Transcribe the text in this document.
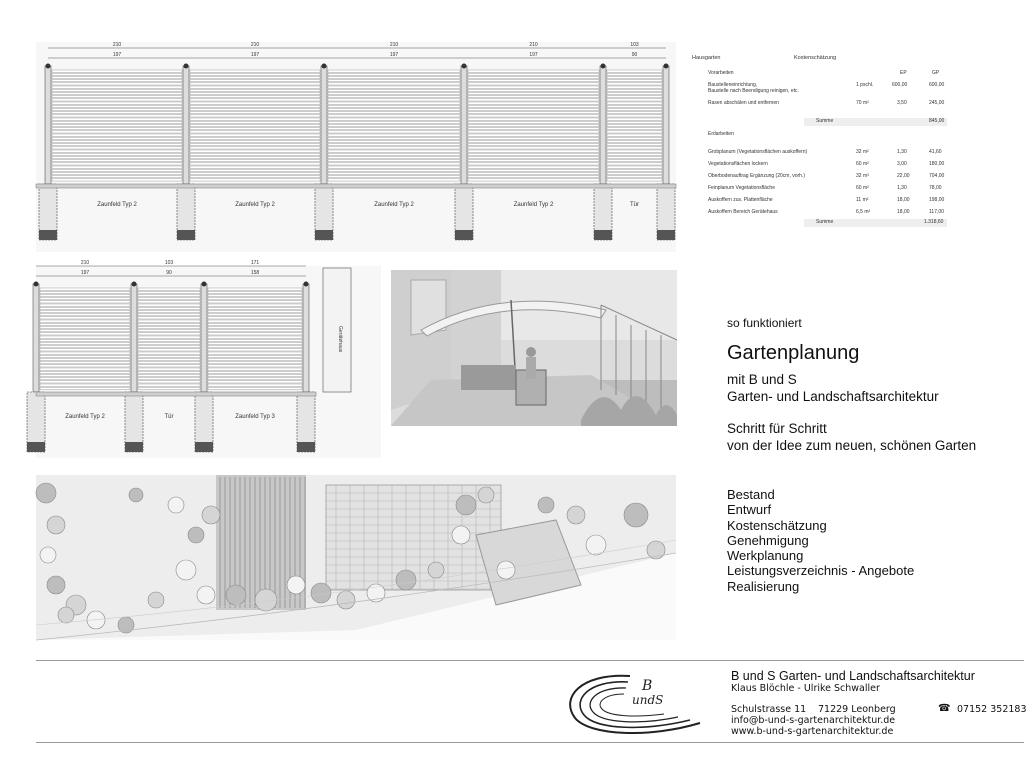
210
197
Zaunfeld Typ 2
210
197
Zaunfeld Typ 2
210
197
Zaunfeld Typ 2
210
197
Zaunfeld Typ 2
103
90
Tür
210
197
Zaunfeld Typ 2
103
90
Tür
171
158
Zaunfeld Typ 3
Gerätehaus
Hausgarten	Kostenschätzung
EP	GP
Vorarbeiten
Baustelleneinrichtung,
Baustelle nach Beendigung reinigen, etc.
1 pschl.	600,00	600,00
Rasen abschälen und entfernen	70 m²	3,50	245,00
Summe	845,00
Erdarbeiten
Grobplanum (Vegetationsflächen auskoffern)	32 m²	1,30	41,60
Vegetationsflächen lockern	60 m²	3,00	180,00
Oberbodenauftrag Ergänzung (20cm, vorh.)	32 m³	22,00	704,00
Feinplanum Vegetationsfläche	60 m²	1,30	78,00
Auskoffern zus. Plattenfläche	11 m²	18,00	198,00
Auskoffern Bereich Gerätehaus	6,5 m²	18,00	117,00
Summe	1.318,60
so funktioniert
Gartenplanung
mit B und S
Garten- und Landschaftsarchitektur
Schritt für Schritt
von der Idee zum neuen, schönen Garten
Bestand
Entwurf
Kostenschätzung
Genehmigung
Werkplanung
Leistungsverzeichnis - Angebote
Realisierung
B
undS
B und S Garten- und Landschaftsarchitektur
Klaus Blöchle - Ulrike Schwaller
Schulstrasse 11 71229 Leonberg
info@b-und-s-gartenarchitektur.de
www.b-und-s-gartenarchitektur.de
☎ 07152 352183
